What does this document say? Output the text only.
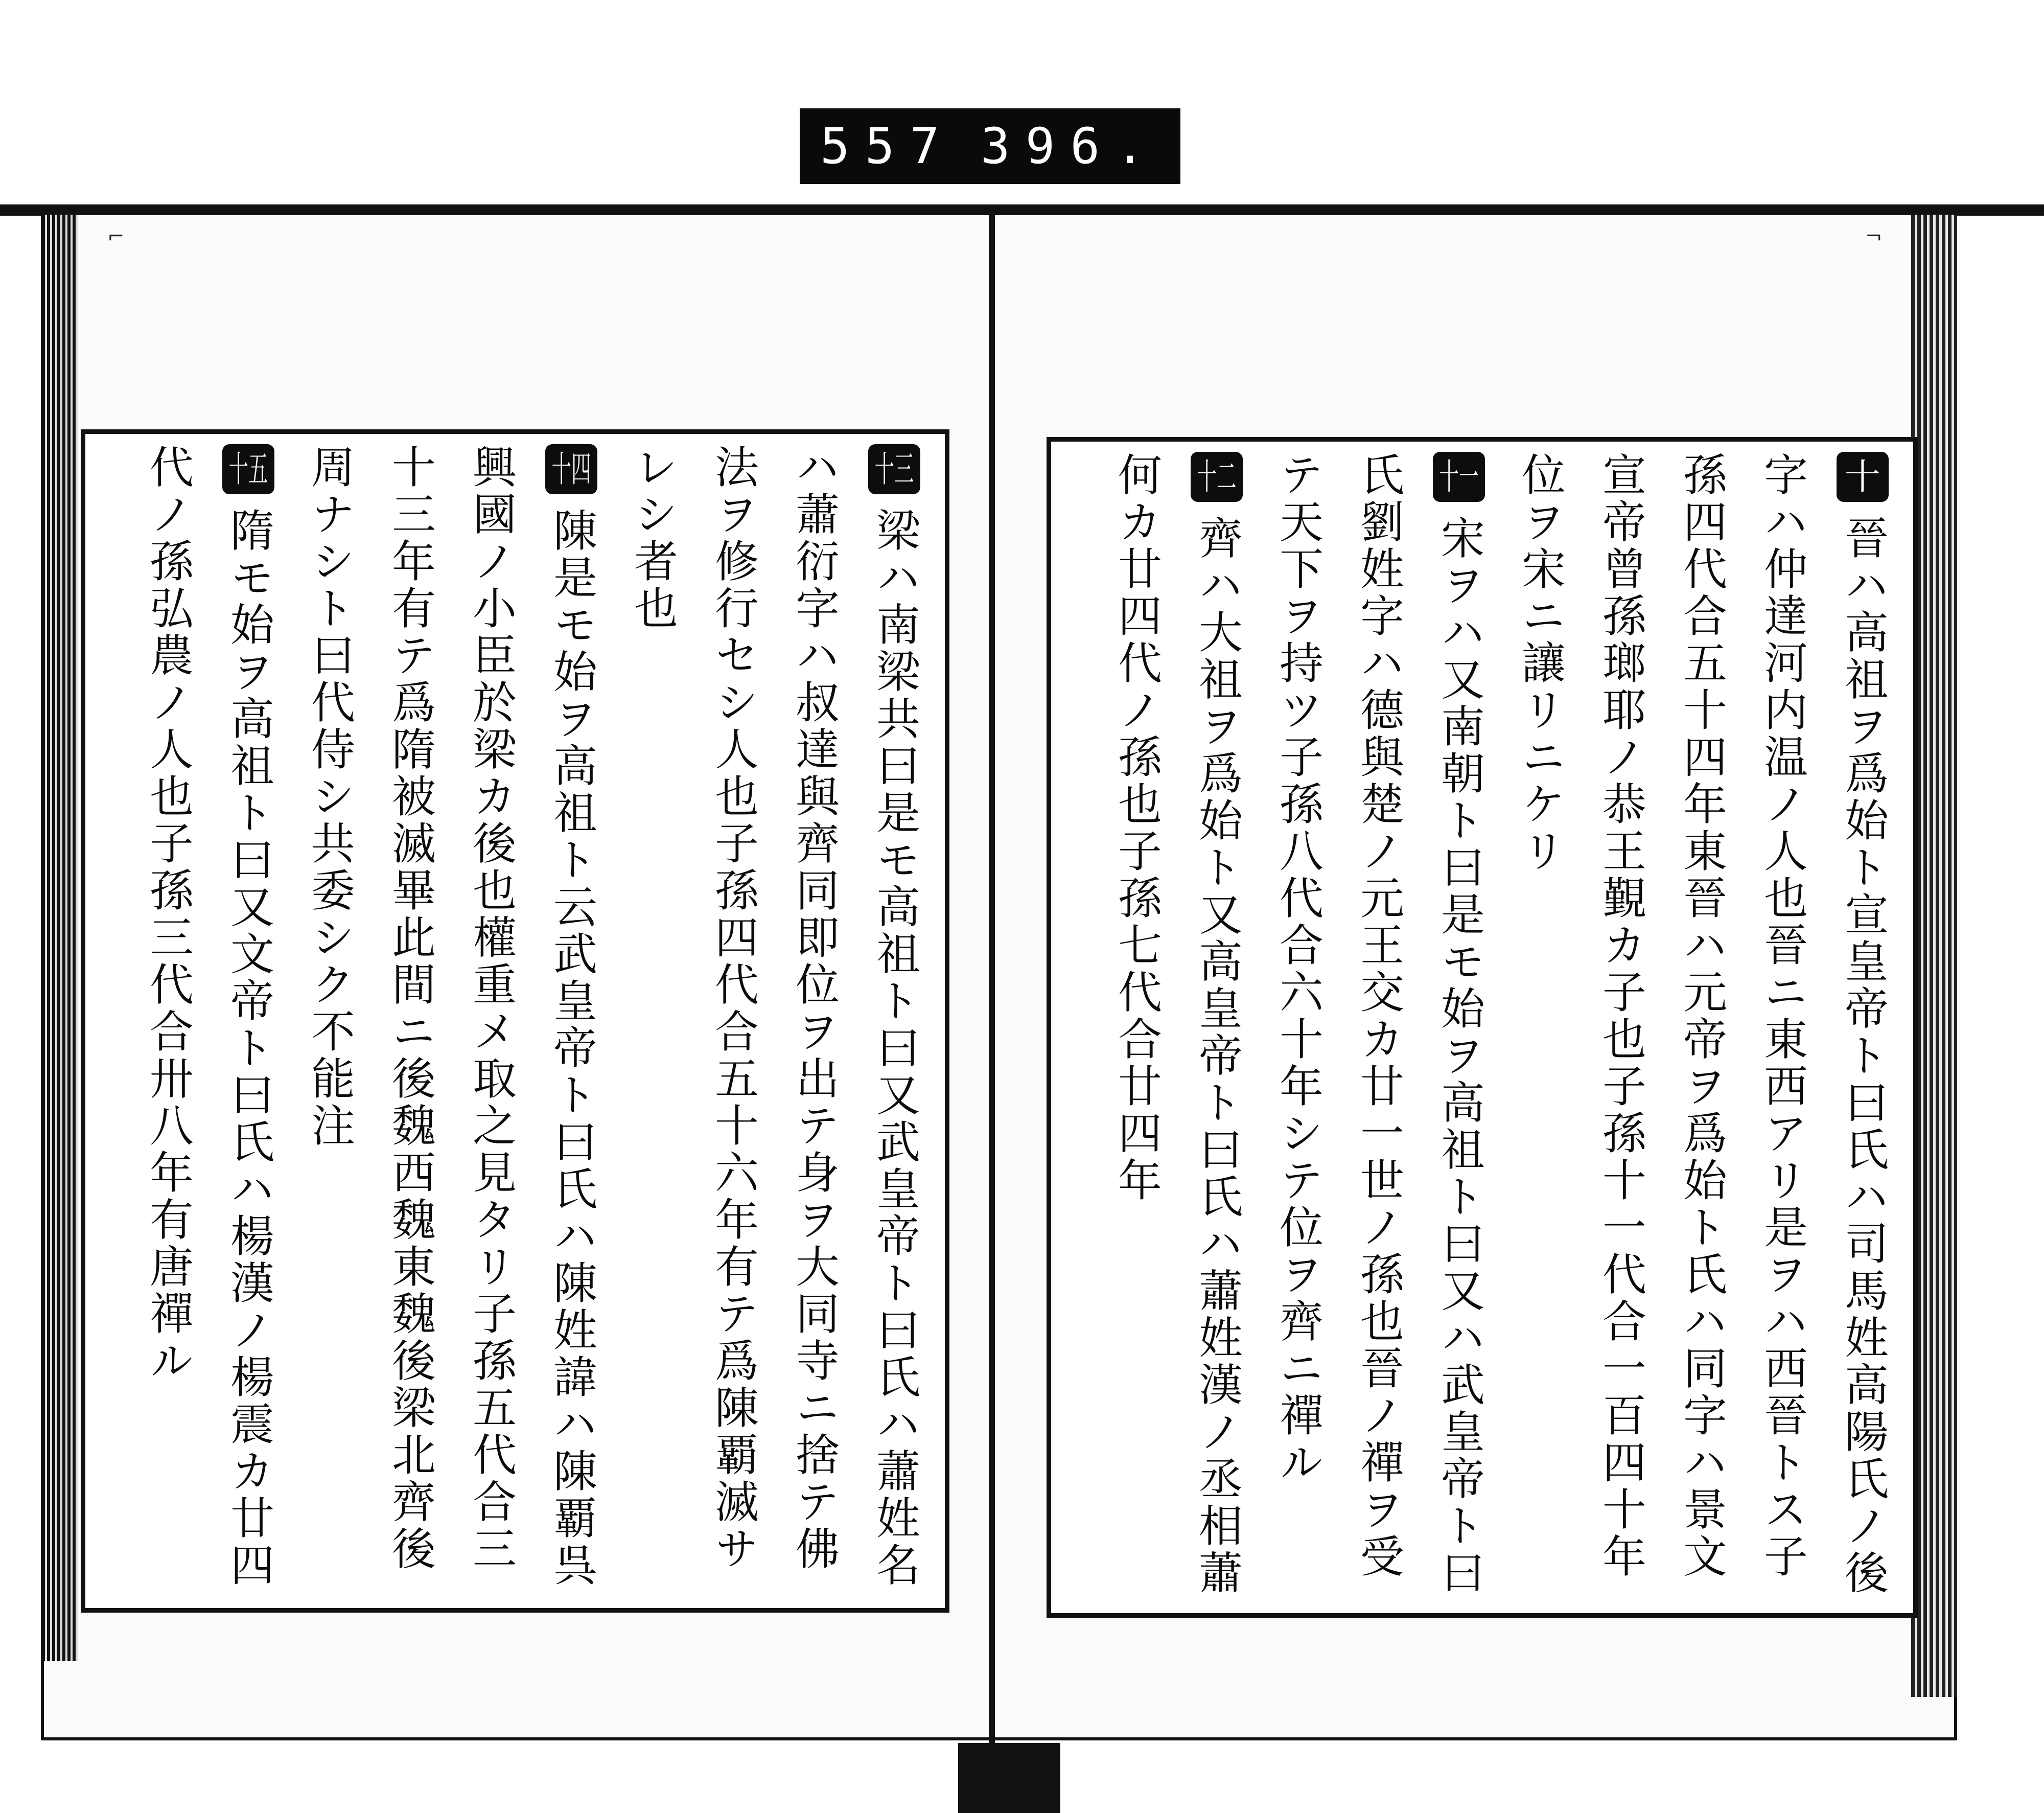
⌐	¬
十三梁ハ南梁共曰是モ高祖ト曰又武皇帝ト曰氏ハ蕭姓名ハ蕭衍字ハ叔達與齊同即位ヲ出テ身ヲ大同寺ニ捨テ佛法ヲ修行セシ人也子孫四代合五十六年有テ爲陳覇滅サレシ者也
十四陳是モ始ヲ高祖ト云武皇帝ト曰氏ハ陳姓諱ハ陳覇呉興國ノ小臣於梁カ後也權重メ取之見タリ子孫五代合三十三年有テ爲隋被滅畢此間ニ後魏西魏東魏後梁北齊後周ナシト曰代侍シ共委シク不能注
十五隋モ始ヲ高祖ト曰又文帝ト曰氏ハ楊漢ノ楊震カ廿四代ノ孫弘農ノ人也子孫三代合卅八年有唐禪ル	十晉ハ高祖ヲ爲始ト宣皇帝ト曰氏ハ司馬姓高陽氏ノ後字ハ仲達河内温ノ人也晉ニ東西アリ是ヲハ西晉トス子孫四代合五十四年東晉ハ元帝ヲ爲始ト氏ハ同字ハ景文宣帝曾孫瑯耶ノ恭王覲カ子也子孫十一代合一百四十年位ヲ宋ニ讓リニケリ
十一宋ヲハ又南朝ト曰是モ始ヲ高祖ト曰又ハ武皇帝ト曰氏劉姓字ハ德與楚ノ元王交カ廿一世ノ孫也晉ノ禪ヲ受テ天下ヲ持ツ子孫八代合六十年シテ位ヲ齊ニ禪ル
十二齊ハ大祖ヲ爲始ト又高皇帝ト曰氏ハ蕭姓漢ノ丞相蕭何カ廿四代ノ孫也子孫七代合廿四年
557 396.
